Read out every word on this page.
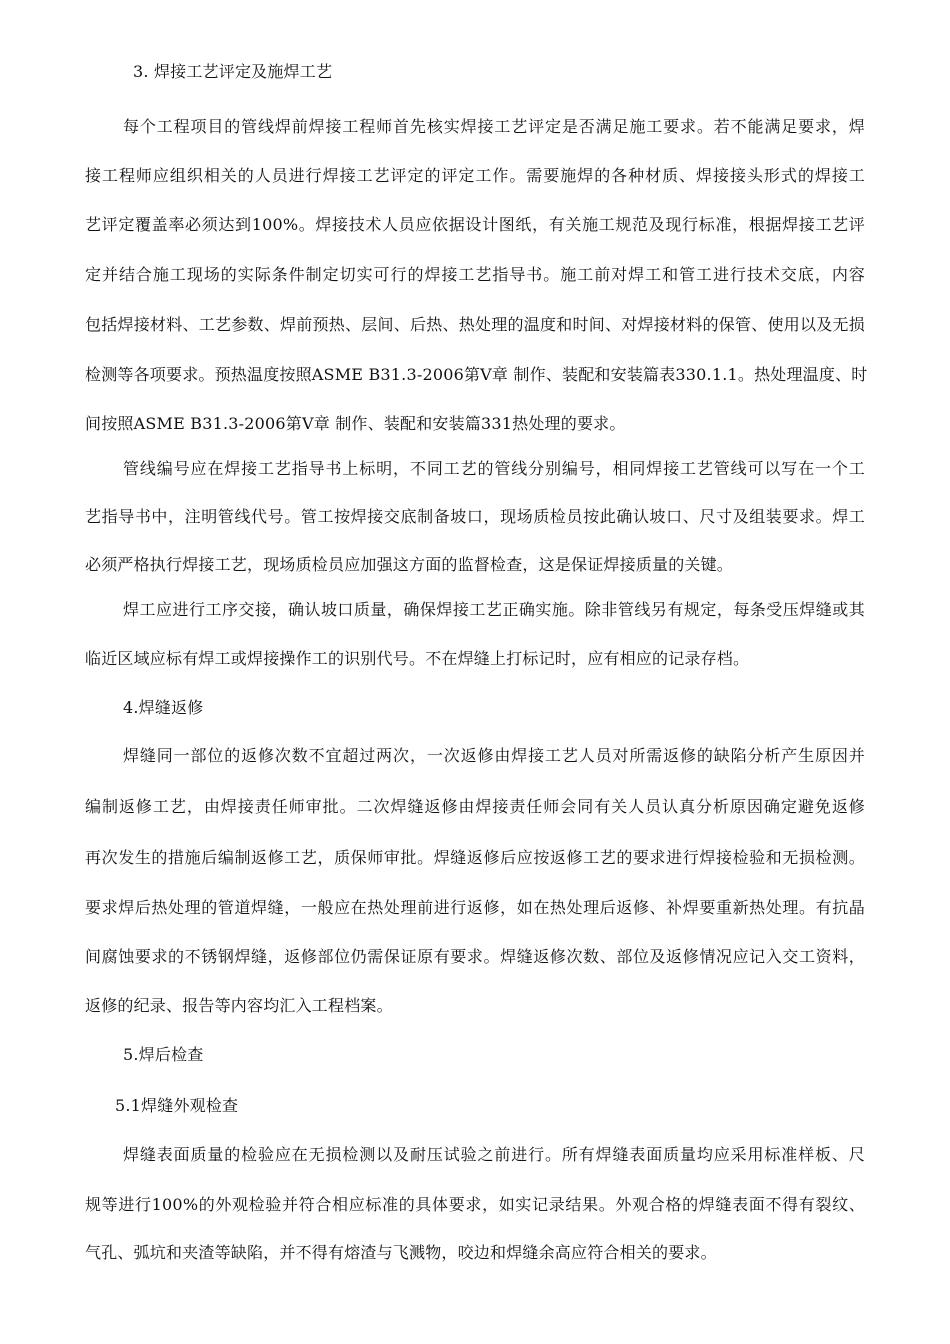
3. 焊接工艺评定及施焊工艺
每个工程项目的管线焊前焊接工程师首先核实焊接工艺评定是否满足施工要求。若不能满足要求，焊
接工程师应组织相关的人员进行焊接工艺评定的评定工作。需要施焊的各种材质、焊接接头形式的焊接工
艺评定覆盖率必须达到100%。焊接技术人员应依据设计图纸，有关施工规范及现行标准，根据焊接工艺评
定并结合施工现场的实际条件制定切实可行的焊接工艺指导书。施工前对焊工和管工进行技术交底，内容
包括焊接材料、工艺参数、焊前预热、层间、后热、热处理的温度和时间、对焊接材料的保管、使用以及无损
检测等各项要求。预热温度按照ASME B31.3-2006第Ⅴ章 制作、装配和安装篇表330.1.1。热处理温度、时
间按照ASME B31.3-2006第Ⅴ章 制作、装配和安装篇331热处理的要求。
管线编号应在焊接工艺指导书上标明，不同工艺的管线分别编号，相同焊接工艺管线可以写在一个工
艺指导书中，注明管线代号。管工按焊接交底制备坡口，现场质检员按此确认坡口、尺寸及组装要求。焊工
必须严格执行焊接工艺，现场质检员应加强这方面的监督检查，这是保证焊接质量的关键。
焊工应进行工序交接，确认坡口质量，确保焊接工艺正确实施。除非管线另有规定，每条受压焊缝或其
临近区域应标有焊工或焊接操作工的识别代号。不在焊缝上打标记时，应有相应的记录存档。
4.焊缝返修
焊缝同一部位的返修次数不宜超过两次，一次返修由焊接工艺人员对所需返修的缺陷分析产生原因并
编制返修工艺，由焊接责任师审批。二次焊缝返修由焊接责任师会同有关人员认真分析原因确定避免返修
再次发生的措施后编制返修工艺，质保师审批。焊缝返修后应按返修工艺的要求进行焊接检验和无损检测。
要求焊后热处理的管道焊缝，一般应在热处理前进行返修，如在热处理后返修、补焊要重新热处理。有抗晶
间腐蚀要求的不锈钢焊缝，返修部位仍需保证原有要求。焊缝返修次数、部位及返修情况应记入交工资料，
返修的纪录、报告等内容均汇入工程档案。
5.焊后检查
5.1焊缝外观检查
焊缝表面质量的检验应在无损检测以及耐压试验之前进行。所有焊缝表面质量均应采用标准样板、尺
规等进行100%的外观检验并符合相应标准的具体要求，如实记录结果。外观合格的焊缝表面不得有裂纹、
气孔、弧坑和夹渣等缺陷，并不得有熔渣与飞溅物，咬边和焊缝余高应符合相关的要求。
